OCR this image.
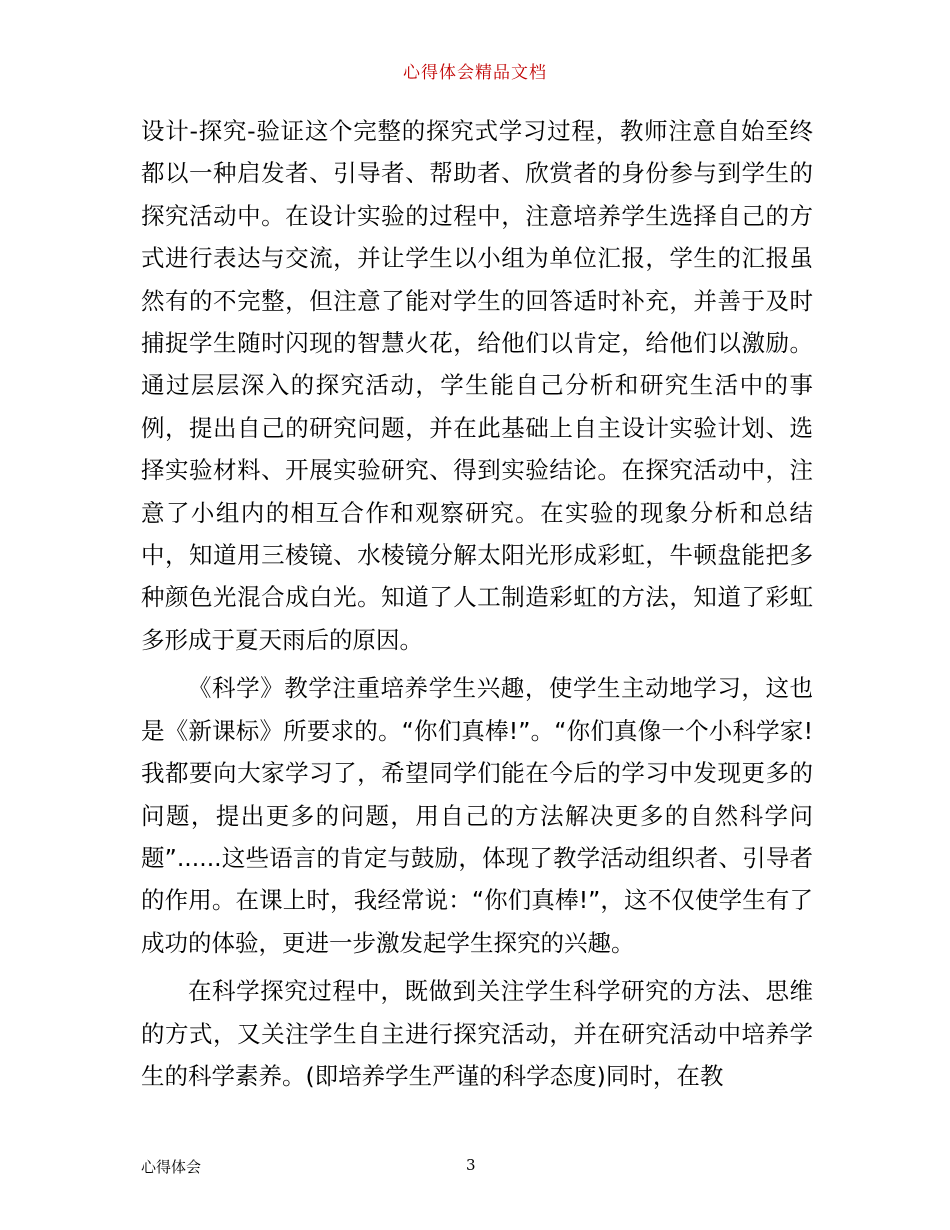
心得体会精品文档

设计-探究-验证这个完整的探究式学习过程，教师注意自始至终都以一种启发者、引导者、帮助者、欣赏者的身份参与到学生的探究活动中。在设计实验的过程中，注意培养学生选择自己的方式进行表达与交流，并让学生以小组为单位汇报，学生的汇报虽然有的不完整，但注意了能对学生的回答适时补充，并善于及时捕捉学生随时闪现的智慧火花，给他们以肯定，给他们以激励。通过层层深入的探究活动，学生能自己分析和研究生活中的事例，提出自己的研究问题，并在此基础上自主设计实验计划、选择实验材料、开展实验研究、得到实验结论。在探究活动中，注意了小组内的相互合作和观察研究。在实验的现象分析和总结中，知道用三棱镜、水棱镜分解太阳光形成彩虹，牛顿盘能把多种颜色光混合成白光。知道了人工制造彩虹的方法，知道了彩虹多形成于夏天雨后的原因。

《科学》教学注重培养学生兴趣，使学生主动地学习，这也是《新课标》所要求的。“你们真棒!”。“你们真像一个小科学家!我都要向大家学习了，希望同学们能在今后的学习中发现更多的问题，提出更多的问题，用自己的方法解决更多的自然科学问题”......这些语言的肯定与鼓励，体现了教学活动组织者、引导者的作用。在课上时，我经常说：“你们真棒!”，这不仅使学生有了成功的体验，更进一步激发起学生探究的兴趣。

在科学探究过程中，既做到关注学生科学研究的方法、思维的方式，又关注学生自主进行探究活动，并在研究活动中培养学生的科学素养。(即培养学生严谨的科学态度)同时，在教

心得体会	3
